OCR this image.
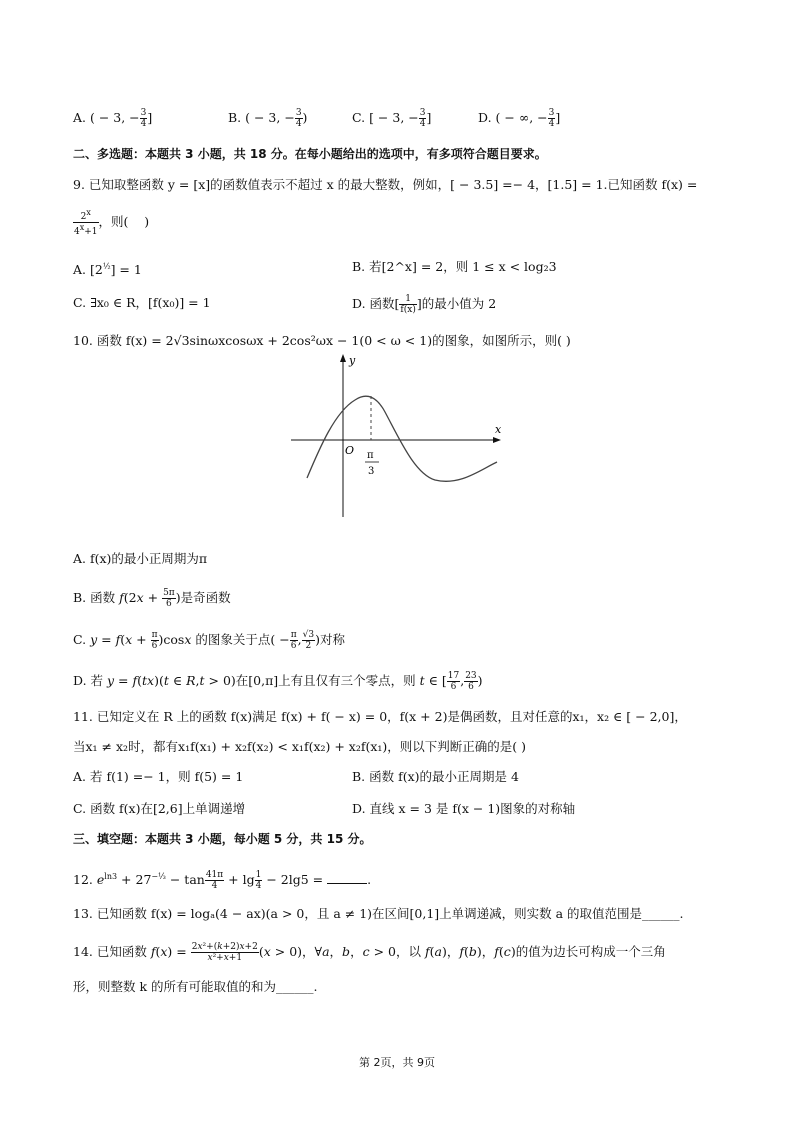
A. ( − 3, − $\frac{3}{4}$ ]	B. ( − 3, − $\frac{3}{4}$ )	C. [ − 3, − $\frac{3}{4}$ ]	D. ( − ∞, − $\frac{3}{4}$ ]
二、多选题：本题共 3 小题，共 18 分。在每小题给出的选项中，有多项符合题目要求。
9. 已知取整函数 y = [x]的函数值表示不超过 x 的最大整数，例如，[ − 3.5] =− 4，[1.5] = 1.已知函数 f(x) =
$\frac{2^x}{4^x+1}$ ，则(    )
A. $[2^{\frac{1}{2}}] = 1$	B. 若[2^x] = 2，则 1 ≤ x < log₂3
C. ∃x₀ ∈ R，[f(x₀)] = 1	D. 函数[ $\frac{1}{f(x)}$ ]的最小值为 2
10. 函数 f(x) = 2√3sinωxcosωx + 2cos²ωx − 1(0 < ω < 1)的图象，如图所示，则( )
y
x
O π
3
A. f(x)的最小正周期为π
B. 函数 $f(2x + \frac{5\pi}{6}$ )是奇函数
C. $y = f(x + \frac{\pi}{6} )\cos x$ 的图象关于点( − $\frac{\pi}{6}$ , $\frac{√3}{2}$ )对称
D. 若 y = f(tx)(t ∈ R,t > 0)在[0,π]上有且仅有三个零点，则 t ∈ [ $\frac{17}{6}$ , $\frac{23}{6}$ )
11. 已知定义在 R 上的函数 f(x)满足 f(x) + f( − x) = 0，f(x + 2)是偶函数，且对任意的x₁，x₂ ∈ [ − 2,0]，
当x₁ ≠ x₂时，都有x₁f(x₁) + x₂f(x₂) < x₁f(x₂) + x₂f(x₁)，则以下判断正确的是( )
A. 若 f(1) =− 1，则 f(5) = 1	B. 函数 f(x)的最小正周期是 4
C. 函数 f(x)在[2,6]上单调递增	D. 直线 x = 3 是 f(x − 1)图象的对称轴
三、填空题：本题共 3 小题，每小题 5 分，共 15 分。
12. $e^{ln3} + 27^{-\frac{1}{3}} - \tan \frac{41\pi}{4} + \lg \frac{1}{4} - 2\lg 5$ =	.
13. 已知函数 f(x) = logₐ(4 − ax)(a > 0，且 a ≠ 1)在区间[0,1]上单调递减，则实数 a 的取值范围是______.
14. 已知函数 $f(x) = \frac{\text{2x²+(k+2)x+2}}{\text{x²+x+1}} (x > 0)$，∀a，b，c > 0，以 f(a)，f(b)，f(c)的值为边长可构成一个三角
形，则整数 k 的所有可能取值的和为______.
第 2页，共 9页
